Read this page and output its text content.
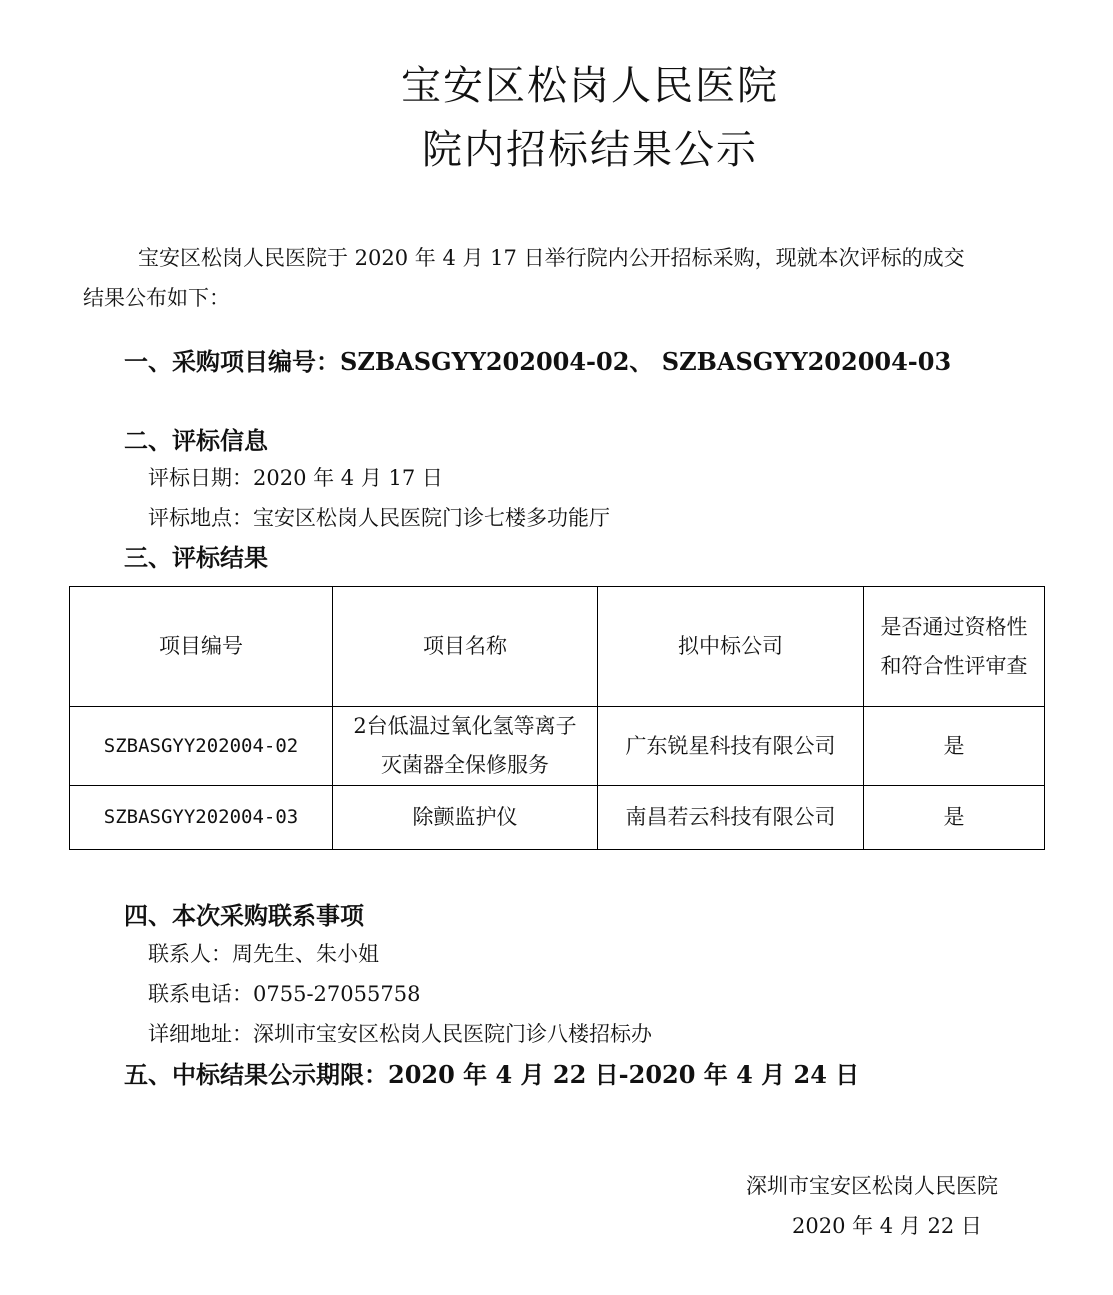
宝安区松岗人民医院
院内招标结果公示
宝安区松岗人民医院于 2020 年 4 月 17 日举行院内公开招标采购，现就本次评标的成交
结果公布如下：
一、采购项目编号：SZBASGYY202004-02、 SZBASGYY202004-03
二、评标信息
评标日期：2020 年 4 月 17 日
评标地点：宝安区松岗人民医院门诊七楼多功能厅
三、评标结果
项目编号	项目名称	拟中标公司	是否通过资格性和符合性评审查
SZBASGYY202004-02	2台低温过氧化氢等离子灭菌器全保修服务	广东锐星科技有限公司	是
SZBASGYY202004-03	除颤监护仪	南昌若云科技有限公司	是
四、本次采购联系事项
联系人：周先生、朱小姐
联系电话：0755-27055758
详细地址：深圳市宝安区松岗人民医院门诊八楼招标办
五、中标结果公示期限：2020 年 4 月 22 日-2020 年 4 月 24 日
深圳市宝安区松岗人民医院
2020 年 4 月 22 日
